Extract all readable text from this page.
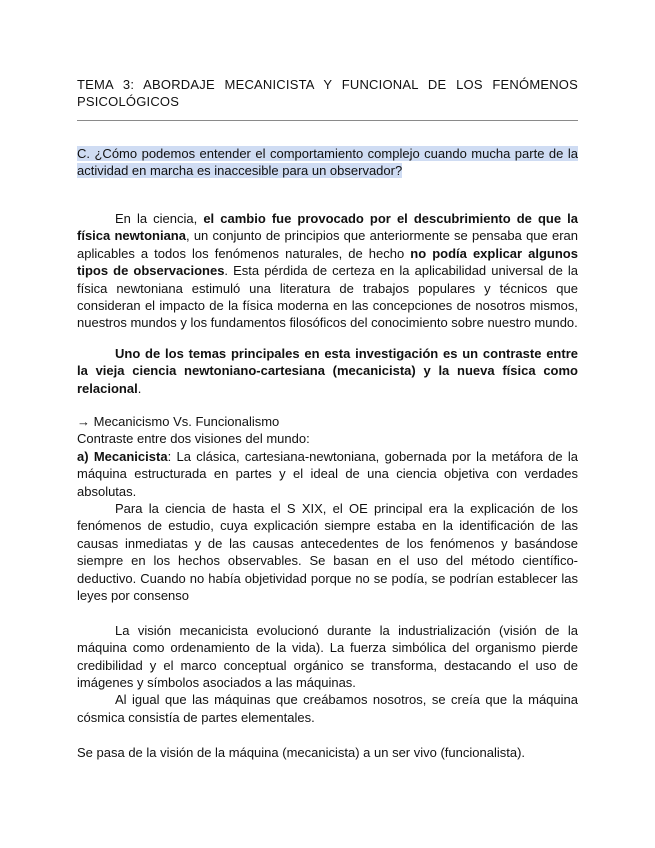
TEMA 3: ABORDAJE MECANICISTA Y FUNCIONAL DE LOS FENÓMENOS PSICOLÓGICOS
C. ¿Cómo podemos entender el comportamiento complejo cuando mucha parte de la actividad en marcha es inaccesible para un observador?

En la ciencia, el cambio fue provocado por el descubrimiento de que la física newtoniana, un conjunto de principios que anteriormente se pensaba que eran aplicables a todos los fenómenos naturales, de hecho no podía explicar algunos tipos de observaciones. Esta pérdida de certeza en la aplicabilidad universal de la física newtoniana estimuló una literatura de trabajos populares y técnicos que consideran el impacto de la física moderna en las concepciones de nosotros mismos, nuestros mundos y los fundamentos filosóficos del conocimiento sobre nuestro mundo.

Uno de los temas principales en esta investigación es un contraste entre la vieja ciencia newtoniano-cartesiana (mecanicista) y la nueva física como relacional.

→ Mecanicismo Vs. Funcionalismo
Contraste entre dos visiones del mundo:

a) Mecanicista: La clásica, cartesiana-newtoniana, gobernada por la metáfora de la máquina estructurada en partes y el ideal de una ciencia objetiva con verdades absolutas.

Para la ciencia de hasta el S XIX, el OE principal era la explicación de los fenómenos de estudio, cuya explicación siempre estaba en la identificación de las causas inmediatas y de las causas antecedentes de los fenómenos y basándose siempre en los hechos observables. Se basan en el uso del método científico-deductivo. Cuando no había objetividad porque no se podía, se podrían establecer las leyes por consenso

La visión mecanicista evolucionó durante la industrialización (visión de la máquina como ordenamiento de la vida). La fuerza simbólica del organismo pierde credibilidad y el marco conceptual orgánico se transforma, destacando el uso de imágenes y símbolos asociados a las máquinas.

Al igual que las máquinas que creábamos nosotros, se creía que la máquina cósmica consistía de partes elementales.

Se pasa de la visión de la máquina (mecanicista) a un ser vivo (funcionalista).
